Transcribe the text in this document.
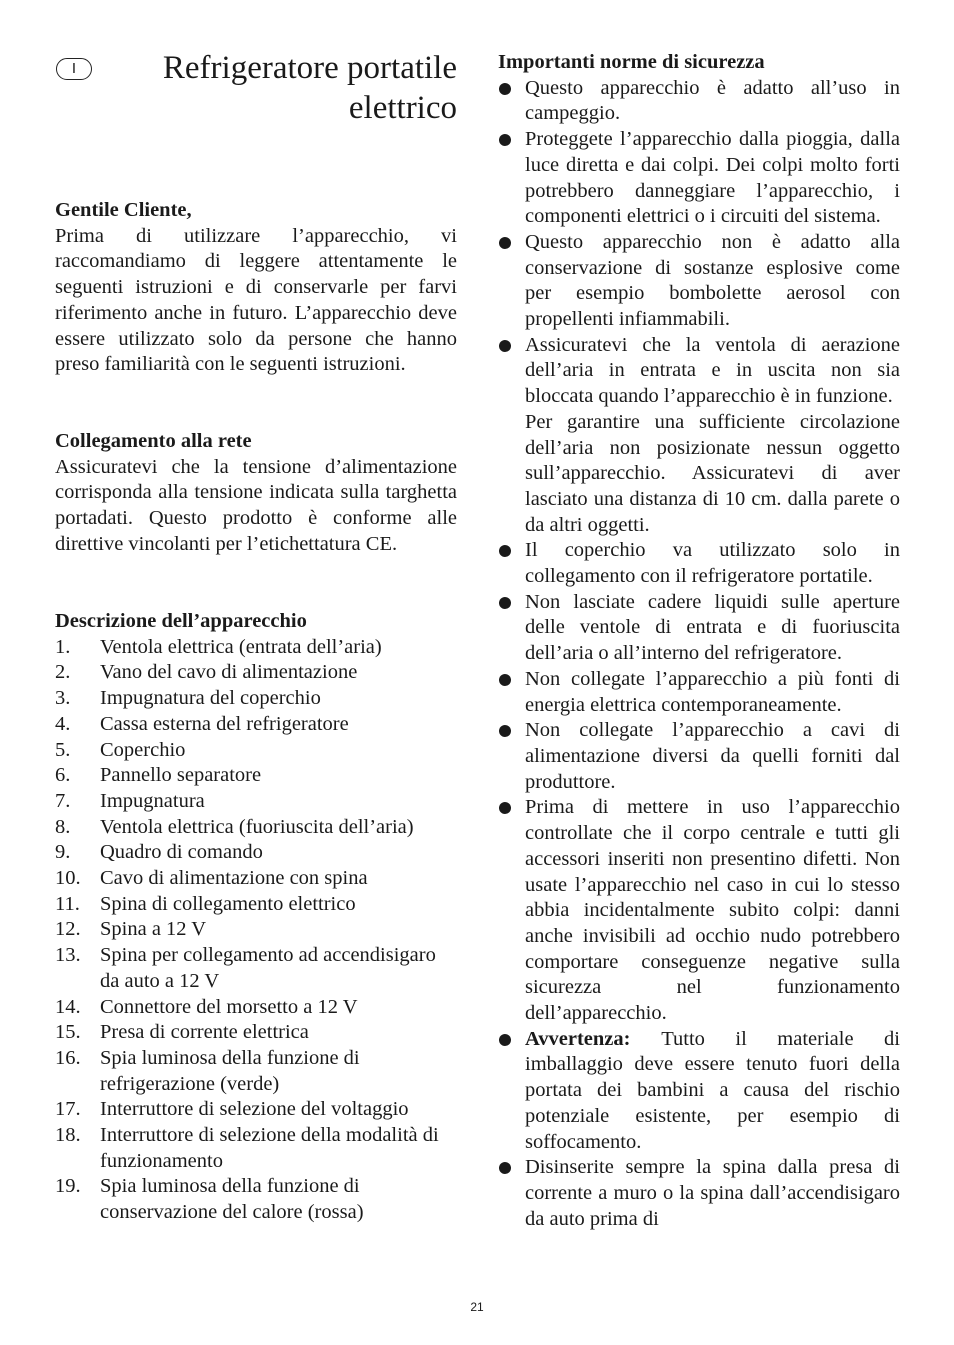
I	Refrigeratore portatile
elettrico
Gentile Cliente,
Prima di utilizzare l’apparecchio, vi raccomandiamo di leggere attentamente le seguenti istruzioni e di conservarle per farvi riferimento anche in futuro. L’apparecchio deve essere utilizzato solo da persone che hanno preso familiarità con le seguenti istruzioni.
Collegamento alla rete
Assicuratevi che la tensione d’alimentazione corrisponda alla tensione indicata sulla targhetta portadati. Questo prodotto è conforme alle direttive vincolanti per l’etichettatura CE.
Descrizione dell’apparecchio
1. Ventola elettrica (entrata dell’aria)
2. Vano del cavo di alimentazione
3. Impugnatura del coperchio
4. Cassa esterna del refrigeratore
5. Coperchio
6. Pannello separatore
7. Impugnatura
8. Ventola elettrica (fuoriuscita dell’aria)
9. Quadro di comando
10. Cavo di alimentazione con spina
11. Spina di collegamento elettrico
12. Spina a 12 V
13. Spina per collegamento ad accendisigaro da auto a 12 V
14. Connettore del morsetto a 12 V
15. Presa di corrente elettrica
16. Spia luminosa della funzione di refrigerazione (verde)
17. Interruttore di selezione del voltaggio
18. Interruttore di selezione della modalità di funzionamento
19. Spia luminosa della funzione di conservazione del calore (rossa)
Importanti norme di sicurezza
Questo apparecchio è adatto all’uso in campeggio.
Proteggete l’apparecchio dalla pioggia, dalla luce diretta e dai colpi. Dei colpi molto forti potrebbero danneggiare l’apparecchio, i componenti elettrici o i circuiti del sistema.
Questo apparecchio non è adatto alla conservazione di sostanze esplosive come per esempio bombolette aerosol con propellenti infiammabili.
Assicuratevi che la ventola di aerazione dell’aria in entrata e in uscita non sia bloccata quando l’apparecchio è in funzione.
Per garantire una sufficiente circolazione dell’aria non posizionate nessun oggetto sull’apparecchio. Assicuratevi di aver lasciato una distanza di 10 cm. dalla parete o da altri oggetti.
Il coperchio va utilizzato solo in collegamento con il refrigeratore portatile.
Non lasciate cadere liquidi sulle aperture delle ventole di entrata e di fuoriuscita dell’aria o all’interno del refrigeratore.
Non collegate l’apparecchio a più fonti di energia elettrica contemporaneamente.
Non collegate l’apparecchio a cavi di alimentazione diversi da quelli forniti dal produttore.
Prima di mettere in uso l’apparecchio controllate che il corpo centrale e tutti gli accessori inseriti non presentino difetti. Non usate l’apparecchio nel caso in cui lo stesso abbia incidentalmente subito colpi: danni anche invisibili ad occhio nudo potrebbero comportare conseguenze negative sulla sicurezza nel funzionamento dell’apparecchio.
Avvertenza:   Tutto il materiale di imballaggio deve essere tenuto fuori della portata dei bambini a causa del rischio potenziale esistente, per esempio di soffocamento.
Disinserite sempre la spina dalla presa di corrente a muro o la spina dall’accendisigaro da auto prima di
21
